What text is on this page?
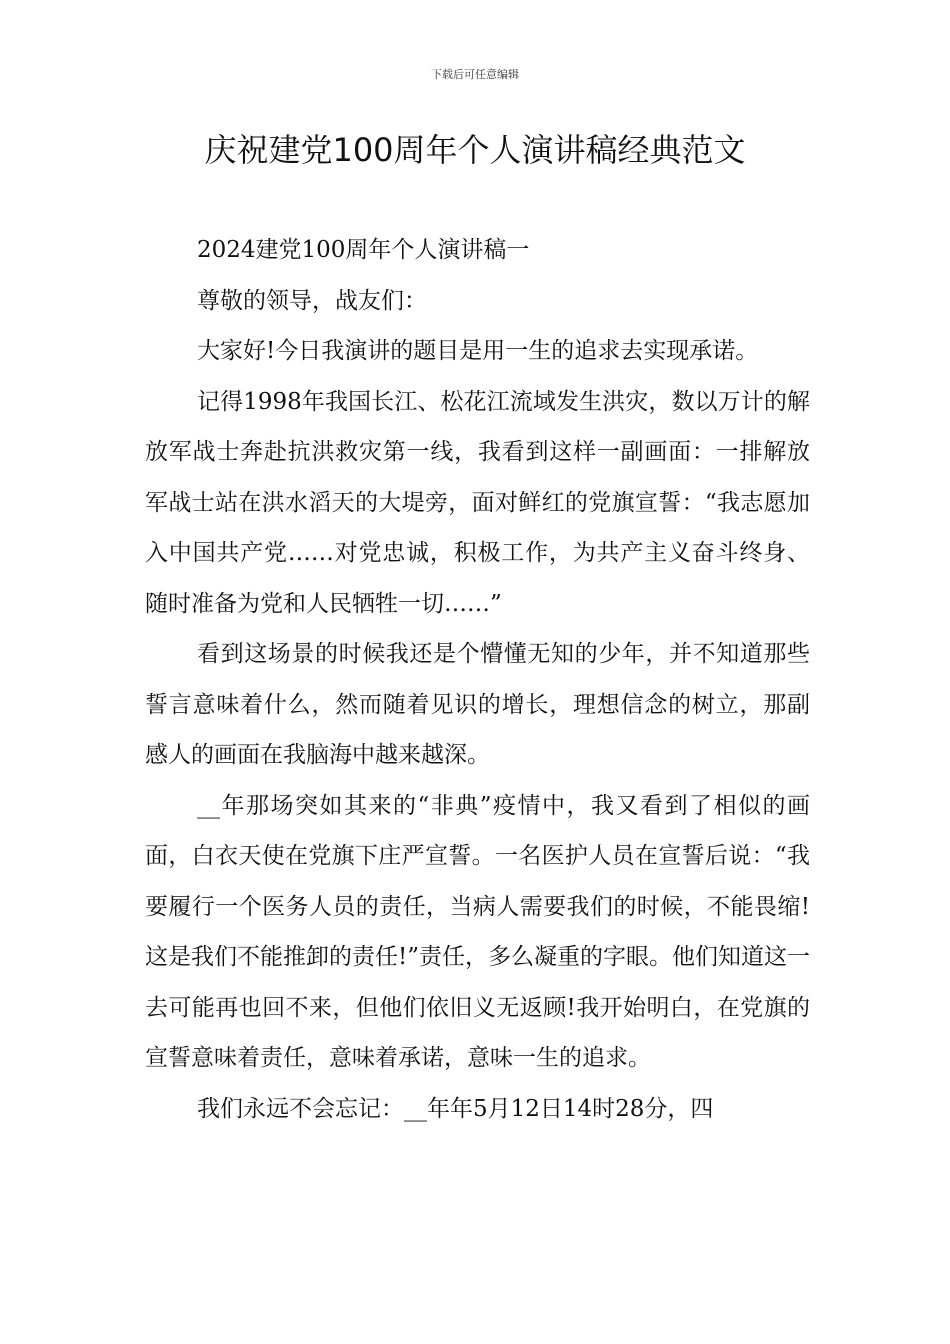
下载后可任意编辑
庆祝建党100周年个人演讲稿经典范文

2024建党100周年个人演讲稿一

尊敬的领导，战友们：

大家好!今日我演讲的题目是用一生的追求去实现承诺。

记得1998年我国长江、松花江流域发生洪灾，数以万计的解放军战士奔赴抗洪救灾第一线，我看到这样一副画面：一排解放军战士站在洪水滔天的大堤旁，面对鲜红的党旗宣誓：“我志愿加入中国共产党……对党忠诚，积极工作，为共产主义奋斗终身、随时准备为党和人民牺牲一切……”

看到这场景的时候我还是个懵懂无知的少年，并不知道那些誓言意味着什么，然而随着见识的增长，理想信念的树立，那副感人的画面在我脑海中越来越深。

__年那场突如其来的“非典”疫情中，我又看到了相似的画面，白衣天使在党旗下庄严宣誓。一名医护人员在宣誓后说：“我要履行一个医务人员的责任，当病人需要我们的时候，不能畏缩!这是我们不能推卸的责任!”责任，多么凝重的字眼。他们知道这一去可能再也回不来，但他们依旧义无返顾!我开始明白，在党旗的宣誓意味着责任，意味着承诺，意味一生的追求。

我们永远不会忘记：__年年5月12日14时28分，四
